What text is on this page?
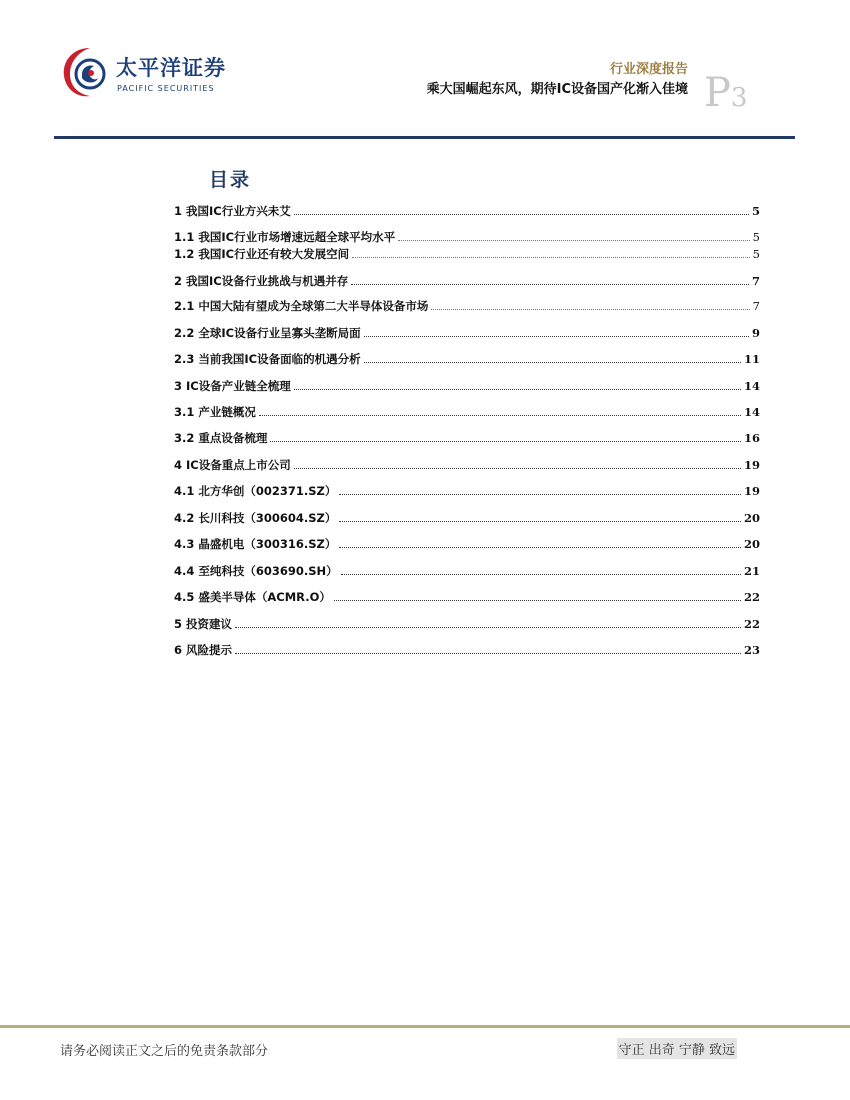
太平洋证券
PACIFIC SECURITIES
行业深度报告
乘大国崛起东风，期待IC设备国产化渐入佳境 P3
目录
1 我国IC行业方兴未艾	5
1.1 我国IC行业市场增速远超全球平均水平	5
1.2 我国IC行业还有较大发展空间	5
2 我国IC设备行业挑战与机遇并存	7
2.1 中国大陆有望成为全球第二大半导体设备市场	7
2.2 全球IC设备行业呈寡头垄断局面	9
2.3 当前我国IC设备面临的机遇分析	11
3 IC设备产业链全梳理	14
3.1 产业链概况	14
3.2 重点设备梳理	16
4 IC设备重点上市公司	19
4.1 北方华创（002371.SZ）	19
4.2 长川科技（300604.SZ）	20
4.3 晶盛机电（300316.SZ）	20
4.4 至纯科技（603690.SH）	21
4.5 盛美半导体（ACMR.O）	22
5 投资建议	22
6 风险提示	23
请务必阅读正文之后的免责条款部分	守正 出奇 宁静 致远
